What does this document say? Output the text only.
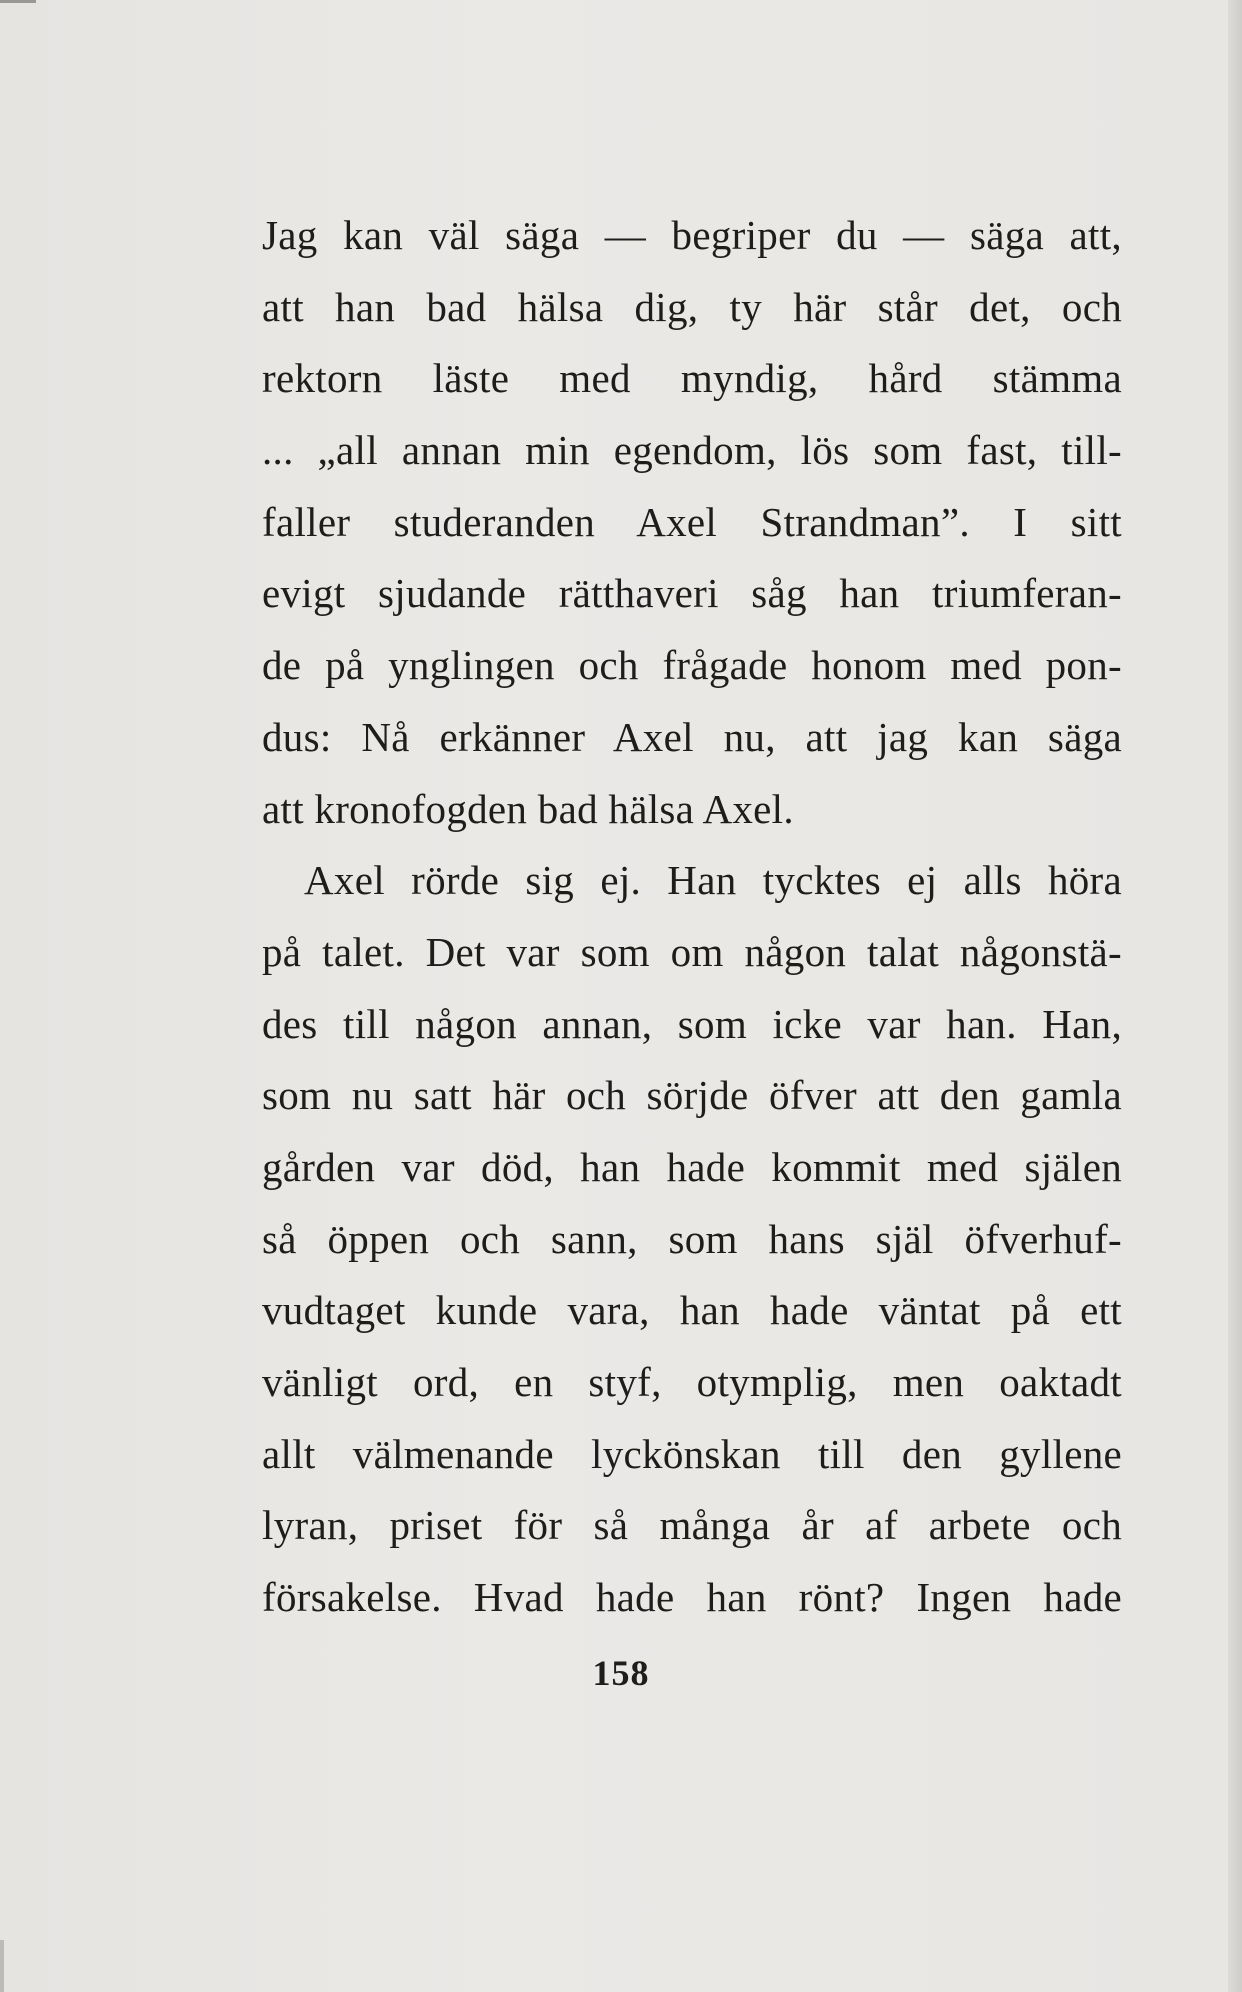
Jag kan väl säga — begriper du — säga att,
att han bad hälsa dig, ty här står det, och
rektorn läste med myndig, hård stämma
... „all annan min egendom, lös som fast, till-
faller studeranden Axel Strandman”. I sitt
evigt sjudande rätthaveri såg han triumferan-
de på ynglingen och frågade honom med pon-
dus: Nå erkänner Axel nu, att jag kan säga
att kronofogden bad hälsa Axel.
Axel rörde sig ej. Han tycktes ej alls höra
på talet. Det var som om någon talat någonstä-
des till någon annan, som icke var han. Han,
som nu satt här och sörjde öfver att den gamla
gården var död, han hade kommit med själen
så öppen och sann, som hans själ öfverhuf-
vudtaget kunde vara, han hade väntat på ett
vänligt ord, en styf, otymplig, men oaktadt
allt välmenande lyckönskan till den gyllene
lyran, priset för så många år af arbete och
försakelse. Hvad hade han rönt? Ingen hade
158
